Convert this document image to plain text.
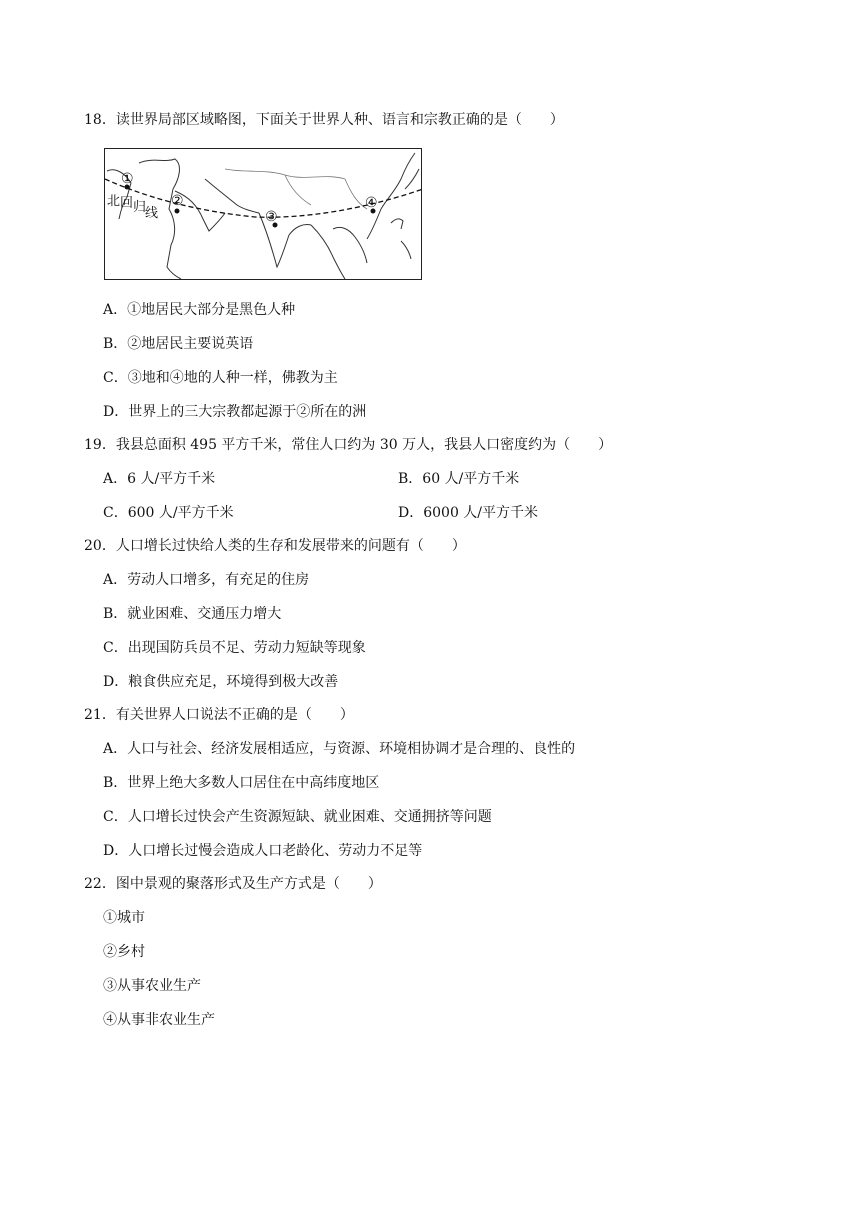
18．读世界局部区域略图，下面关于世界人种、语言和宗教正确的是（　　）
①
②
③
④
北 回 归
线
A．①地居民大部分是黑色人种
B．②地居民主要说英语
C．③地和④地的人种一样，佛教为主
D．世界上的三大宗教都起源于②所在的洲
19．我县总面积 495 平方千米，常住人口约为 30 万人，我县人口密度约为（　　）
A．6 人/平方千米	B．60 人/平方千米
C．600 人/平方千米	D．6000 人/平方千米
20．人口增长过快给人类的生存和发展带来的问题有（　　）
A．劳动人口增多，有充足的住房
B．就业困难、交通压力增大
C．出现国防兵员不足、劳动力短缺等现象
D．粮食供应充足，环境得到极大改善
21．有关世界人口说法不正确的是（　　）
A．人口与社会、经济发展相适应，与资源、环境相协调才是合理的、良性的
B．世界上绝大多数人口居住在中高纬度地区
C．人口增长过快会产生资源短缺、就业困难、交通拥挤等问题
D．人口增长过慢会造成人口老龄化、劳动力不足等
22．图中景观的聚落形式及生产方式是（　　）
①城市
②乡村
③从事农业生产
④从事非农业生产
